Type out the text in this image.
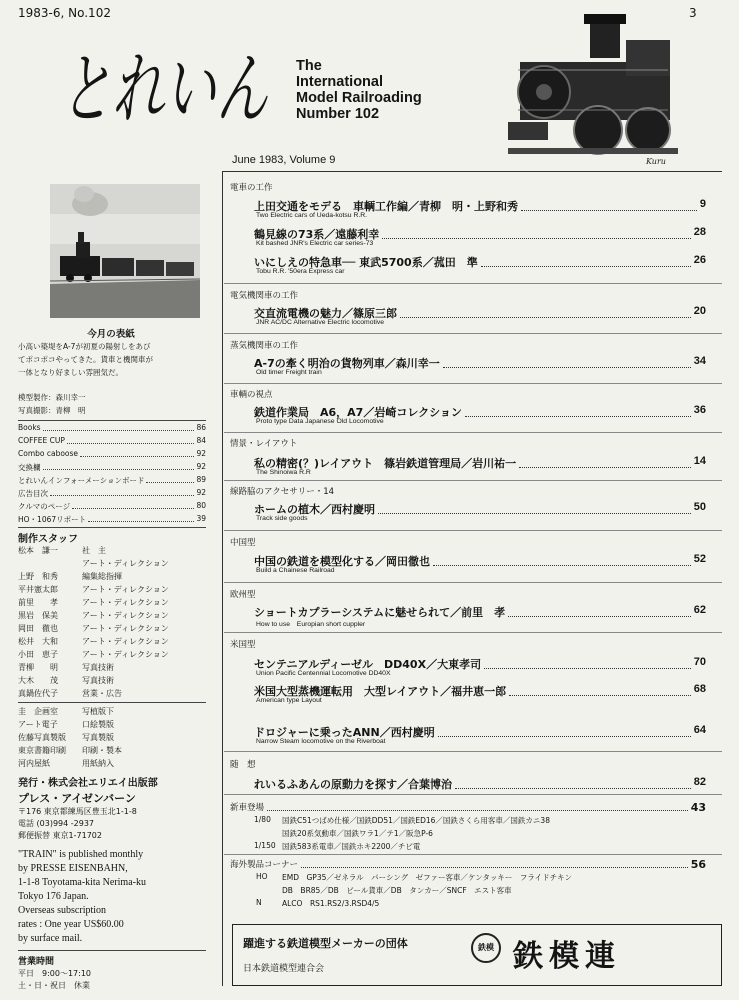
1983-6, No.102	3
とれいん The
International
Model Railroading
Number 102
June 1983, Volume 9	Kuru
今月の表紙
小高い築堤をA-7が初夏の陽射しをあび
てポコポコやってきた。貨車と機関車が
一体となり好ましい雰囲気だ。
模型製作：森川幸一
写真撮影：青柳　明
Books	86
COFFEE CUP	84
Combo caboose	92
交換欄	92
とれいんインフォーメーションボード	89
広告目次	92
クルマのページ	80
HO・1067リポート	39
制作スタッフ
松本　謙一	社　主
アート・ディレクション
上野　和秀	編集総指揮
平井憲太郎	アート・ディレクション
前里　　孝	アート・ディレクション
黒岩　保美	アート・ディレクション
岡田　徹也	アート・ディレクション
松井　大和	アート・ディレクション
小田　恵子	アート・ディレクション
青柳　　明	写真技術
大木　　茂	写真技術
真鍋佐代子	営業・広告
圭　企画室	写植版下
アート電子	口絵製版
佐藤写真製版 写真製版
東京書籍印刷 印刷・製本
河内屋紙	用紙納入
発行・株式会社エリエイ出版部
プレス・アイゼンバーン
〒176 東京都練馬区豊玉北1-1-8
電話 (03)994 -2937
郵便振替 東京1-71702
"TRAIN" is published monthly
by PRESSE EISENBAHN,
1-1-8 Toyotama-kita Nerima-ku
Tokyo 176 Japan.
Overseas subscription
rates : One year US$60.00
by surface mail.
営業時間
平日　9:00〜17:10
土・日・祝日　休業
電車の工作
上田交通をモデる　車輌工作編／青柳　明・上野和秀	9
Two Electric cars of Ueda-kotsu R.R.
鶴見線の73系／遠藤利幸	28
Kit bashed JNR's Electric car series-73
いにしえの特急車── 東武5700系／菰田　準	26
Tobu R.R. '50era Express car
電気機関車の工作
交直流電機の魅力／篠原三郎	20
JNR AC/DC Alternative Electric locomotive
蒸気機関車の工作
A-7の牽く明治の貨物列車／森川幸一	34
Old timer Freight train
車輌の視点
鉄道作業局　A6，A7／岩崎コレクション	36
Proto type Data Japanese Old Locomotive
情景・レイアウト
私の精密(？)レイアウト　篠岩鉄道管理局／岩川祐一	14
The Shinoiwa R.R
線路脇のアクセサリー・14
ホームの植木／西村慶明	50
Track side goods
中国型
中国の鉄道を模型化する／岡田徹也	52
Build a Chainese Railroad
欧州型
ショートカプラーシステムに魅せられて／前里　孝	62
How to use　Europian short cuppler
米国型
センテニアルディーゼル　DD40X／大東孝司	70
Union Pacific Centennial Locomotive DD40X
米国大型蒸機運転用　大型レイアウト／福井恵一郎	68
American type Layout
ドロジャーに乗ったANN／西村慶明	64
Narrow Steam locomotive on the Riverboat
随　想
れいるふあんの原動力を探す／合葉博治	82
新車登場	43
1/80 国鉄C51つばめ仕様／国鉄DD51／国鉄ED16／国鉄さくら用客車／国鉄カニ38
国鉄20系気動車／国鉄ワラ1／テ1／阪急P-6
1/150 国鉄583系電車／国鉄ホキ2200／チビ電
海外製品コーナー	56
HO EMD　GP35／ゼネラル　パーシング　ゼファー客車／ケンタッキー　フライドチキン
DB　BR85／DB　ビール貨車／DB　タンカー／SNCF　エスト客車
N	ALCO　RS1.RS2/3.RSD4/5
躍進する鉄道模型メーカーの団体
日本鉄道模型連合会
鉄模 鉄模連
